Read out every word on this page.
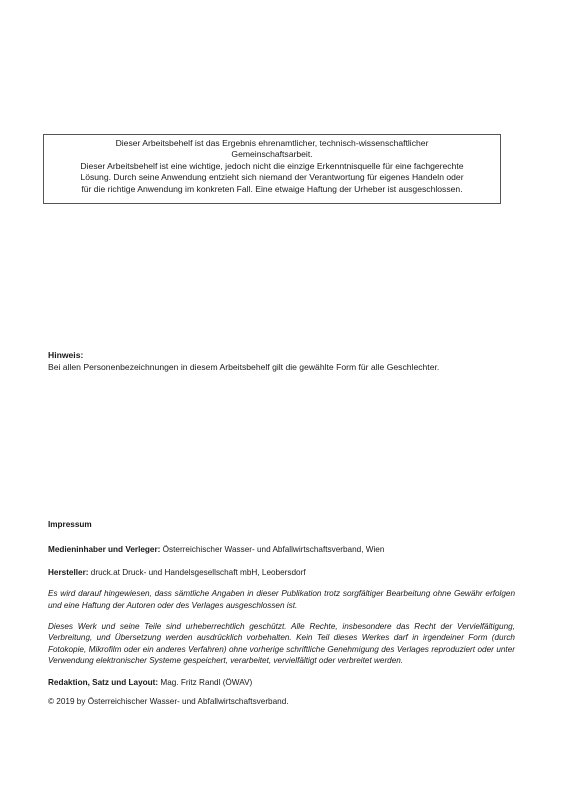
Dieser Arbeitsbehelf ist das Ergebnis ehrenamtlicher, technisch-wissenschaftlicher

Gemeinschaftsarbeit.

Dieser Arbeitsbehelf ist eine wichtige, jedoch nicht die einzige Erkenntnisquelle für eine fachgerechte

Lösung. Durch seine Anwendung entzieht sich niemand der Verantwortung für eigenes Handeln oder

für die richtige Anwendung im konkreten Fall. Eine etwaige Haftung der Urheber ist ausgeschlossen.

Hinweis:
Bei allen Personenbezeichnungen in diesem Arbeitsbehelf gilt die gewählte Form für alle Geschlechter.

Impressum

Medieninhaber und Verleger: Österreichischer Wasser- und Abfallwirtschaftsverband, Wien

Hersteller: druck.at Druck- und Handelsgesellschaft mbH, Leobersdorf

Es wird darauf hingewiesen, dass sämtliche Angaben in dieser Publikation trotz sorgfältiger Bearbeitung ohne Gewähr erfolgen und eine Haftung der Autoren oder des Verlages ausgeschlossen ist.

Dieses Werk und seine Teile sind urheberrechtlich geschützt. Alle Rechte, insbesondere das Recht der Vervielfältigung, Verbreitung, und Übersetzung werden ausdrücklich vorbehalten. Kein Teil dieses Werkes darf in irgendeiner Form (durch Fotokopie, Mikrofilm oder ein anderes Verfahren) ohne vorherige schriftliche Genehmigung des Verlages reproduziert oder unter Verwendung elektronischer Systeme gespeichert, verarbeitet, vervielfältigt oder verbreitet werden.

Redaktion, Satz und Layout: Mag. Fritz Randl (ÖWAV)

© 2019 by Österreichischer Wasser- und Abfallwirtschaftsverband.
